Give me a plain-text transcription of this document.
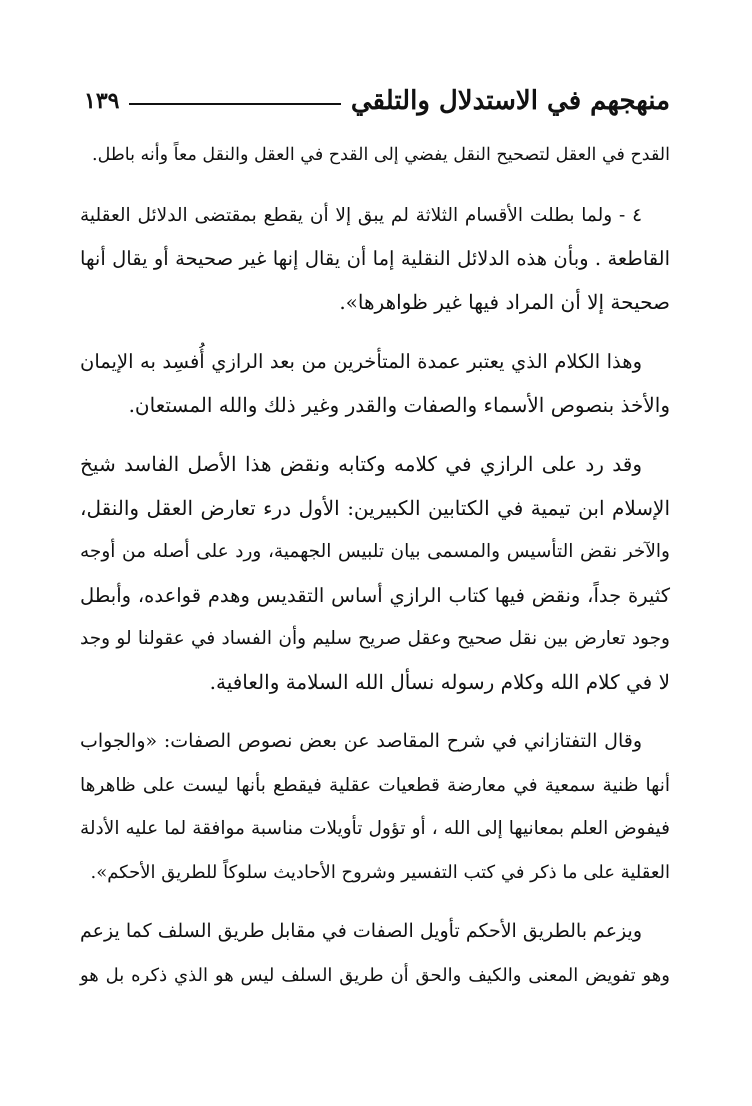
منهجهم في الاستدلال والتلقي
١٣٩
القدح في العقل لتصحيح النقل يفضي إلى القدح في العقل والنقل معاً وأنه باطل.
٤ - ولما بطلت الأقسام الثلاثة لم يبق إلا أن يقطع بمقتضى الدلائل العقلية
القاطعة . وبأن هذه الدلائل النقلية إما أن يقال إنها غير صحيحة أو يقال أنها
صحيحة إلا أن المراد فيها غير ظواهرها».
وهذا الكلام الذي يعتبر عمدة المتأخرين من بعد الرازي أُفسِد به الإيمان
والأخذ بنصوص الأسماء والصفات والقدر وغير ذلك والله المستعان.
وقد رد على الرازي في كلامه وكتابه ونقض هذا الأصل الفاسد شيخ
الإسلام ابن تيمية في الكتابين الكبيرين: الأول درء تعارض العقل والنقل،
والآخر نقض التأسيس والمسمى بيان تلبيس الجهمية، ورد على أصله من أوجه
كثيرة جداً، ونقض فيها كتاب الرازي أساس التقديس وهدم قواعده، وأبطل
وجود تعارض بين نقل صحيح وعقل صريح سليم وأن الفساد في عقولنا لو وجد
لا في كلام الله وكلام رسوله نسأل الله السلامة والعافية.
وقال التفتازاني في شرح المقاصد عن بعض نصوص الصفات: «والجواب
أنها ظنية سمعية في معارضة قطعيات عقلية فيقطع بأنها ليست على ظاهرها
فيفوض العلم بمعانيها إلى الله ، أو تؤول تأويلات مناسبة موافقة لما عليه الأدلة
العقلية على ما ذكر في كتب التفسير وشروح الأحاديث سلوكاً للطريق الأحكم».
ويزعم بالطريق الأحكم تأويل الصفات في مقابل طريق السلف كما يزعم
وهو تفويض المعنى والكيف والحق أن طريق السلف ليس هو الذي ذكره بل هو
